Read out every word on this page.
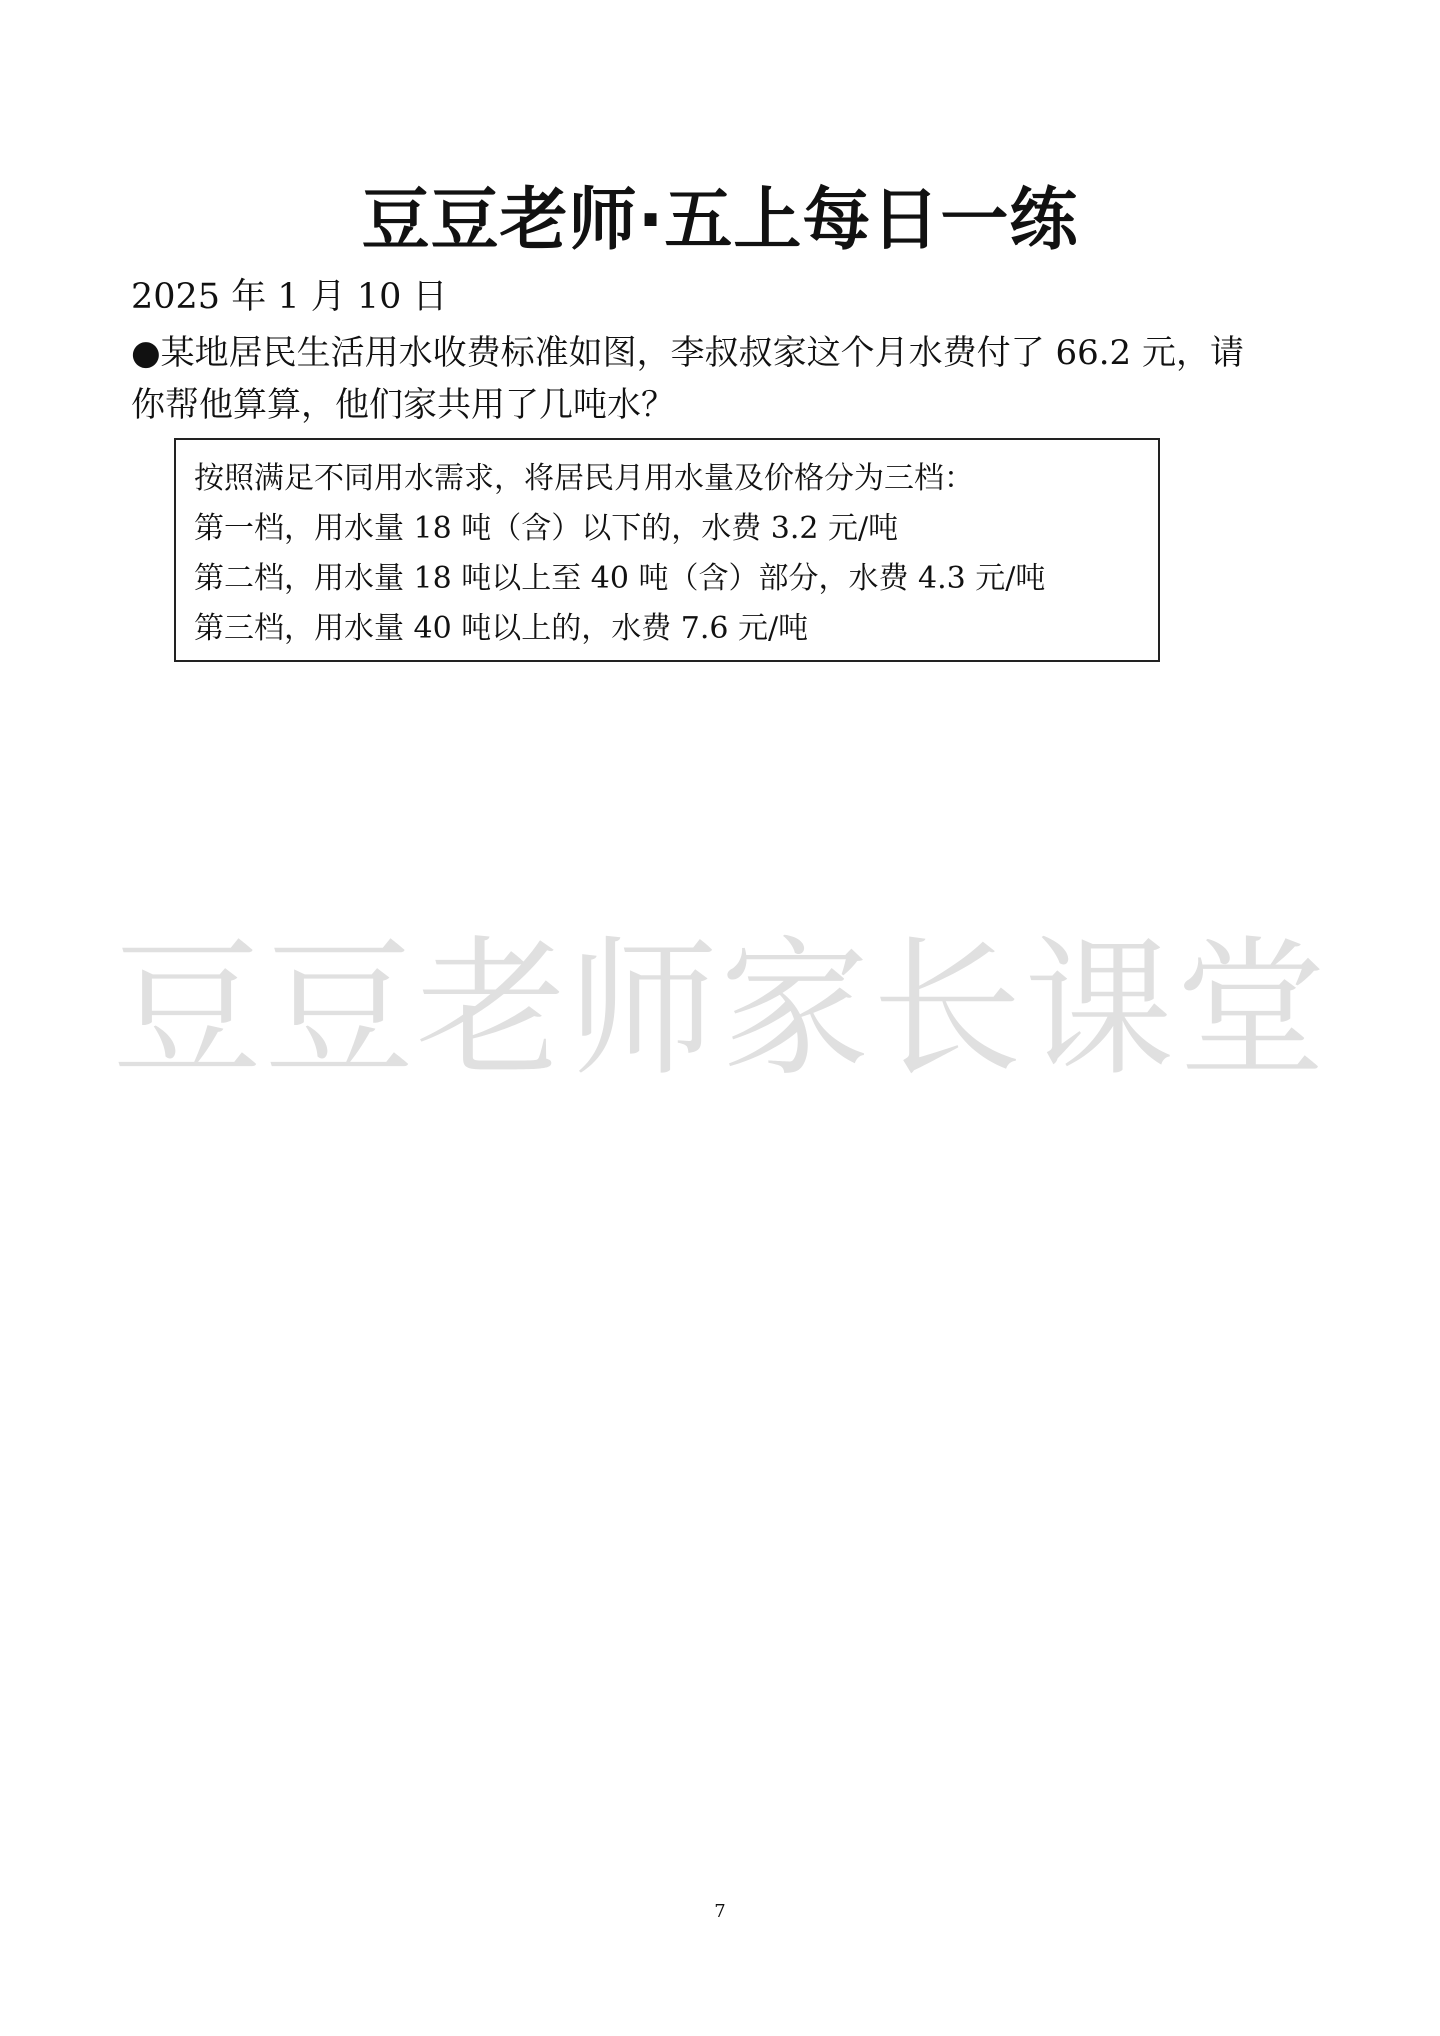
豆豆老师·五上每日一练
2025 年 1 月 10 日
●某地居民生活用水收费标准如图，李叔叔家这个月水费付了 66.2 元，请
你帮他算算，他们家共用了几吨水？
按照满足不同用水需求，将居民月用水量及价格分为三档：
第一档，用水量 18 吨（含）以下的，水费 3.2 元/吨
第二档，用水量 18 吨以上至 40 吨（含）部分，水费 4.3 元/吨
第三档，用水量 40 吨以上的，水费 7.6 元/吨
豆豆老师家长课堂
7
